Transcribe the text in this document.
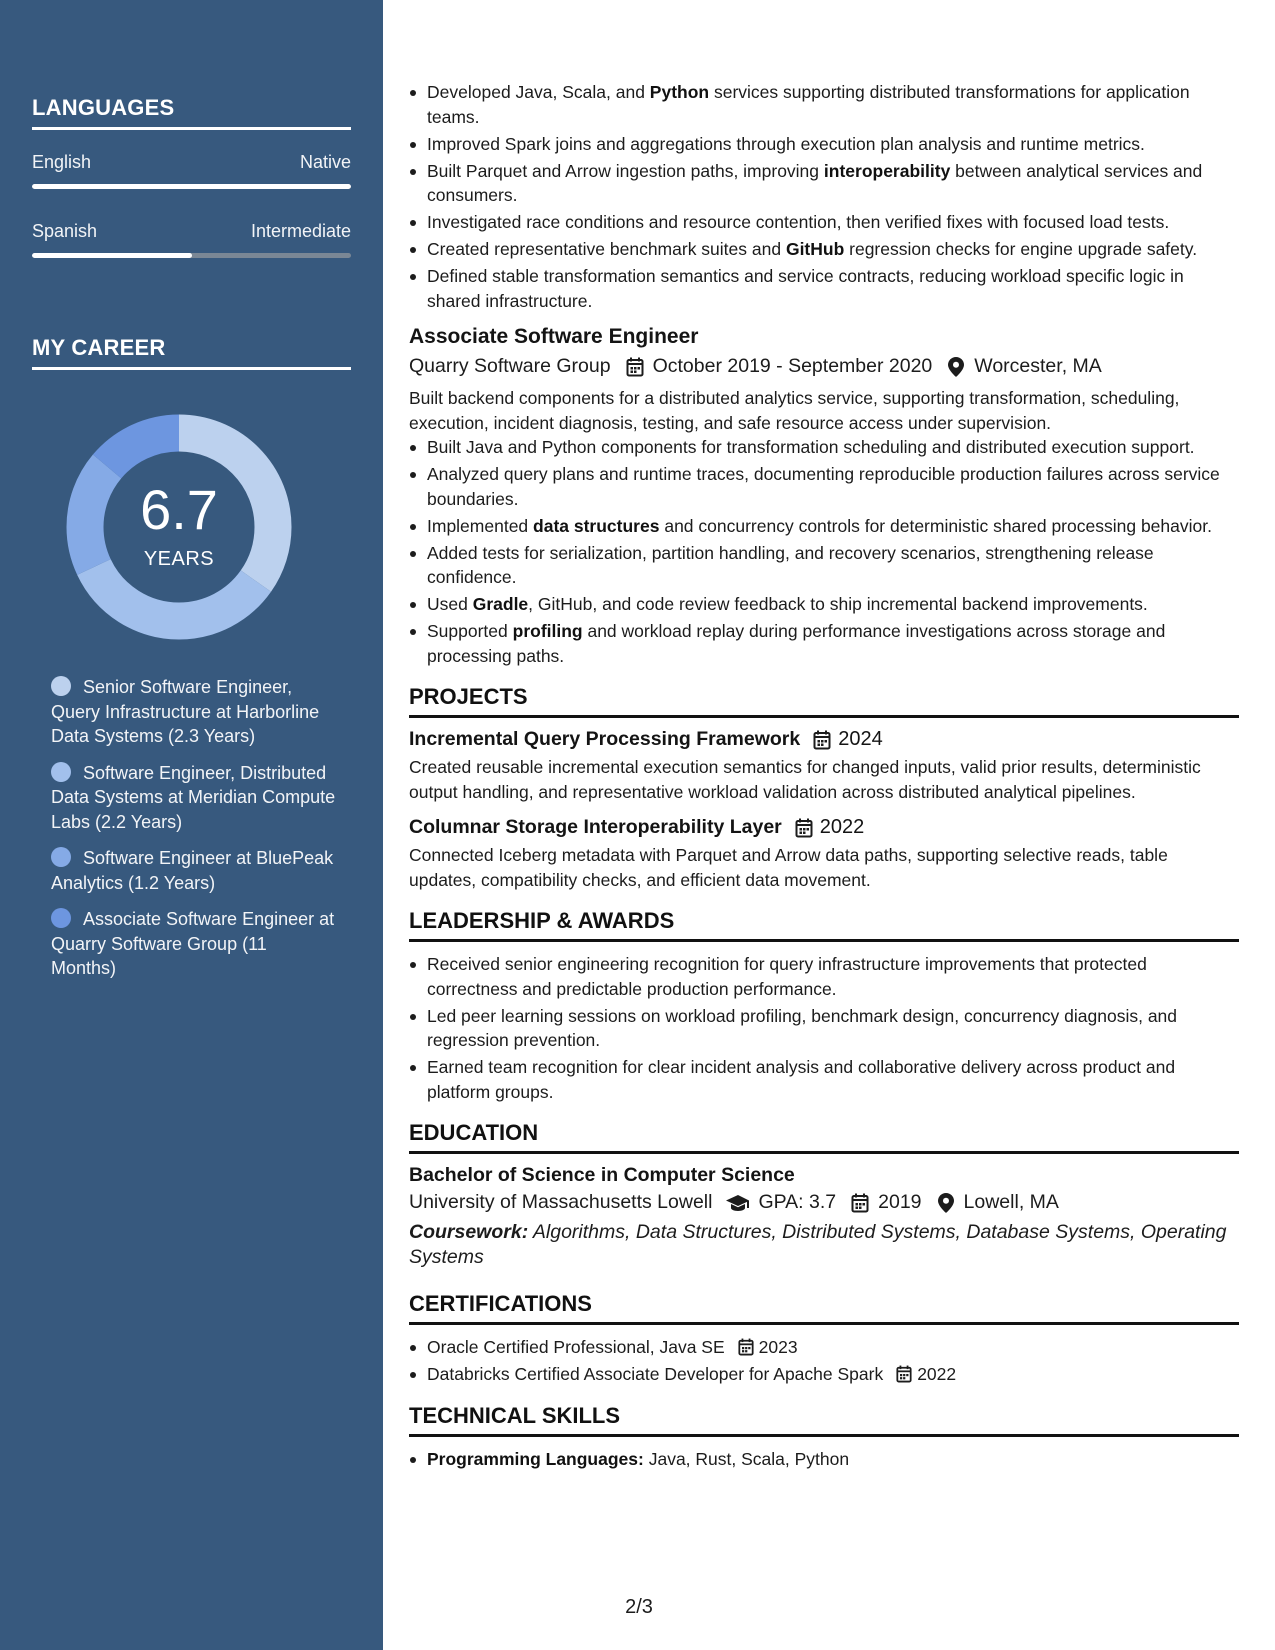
LANGUAGES
English	Native
Spanish	Intermediate
MY CAREER
6.7
YEARS
Senior Software Engineer, Query Infrastructure at Harborline Data Systems (2.3 Years)
Software Engineer, Distributed Data Systems at Meridian Compute Labs (2.2 Years)
Software Engineer at BluePeak Analytics (1.2 Years)
Associate Software Engineer at Quarry Software Group (11 Months)
Developed Java, Scala, and Python services supporting distributed transformations for application teams.
Improved Spark joins and aggregations through execution plan analysis and runtime metrics.
Built Parquet and Arrow ingestion paths, improving interoperability between analytical services and consumers.
Investigated race conditions and resource contention, then verified fixes with focused load tests.
Created representative benchmark suites and GitHub regression checks for engine upgrade safety.
Defined stable transformation semantics and service contracts, reducing workload specific logic in shared infrastructure.
Associate Software Engineer
Quarry Software Group October 2019 - September 2020 Worcester, MA
Built backend components for a distributed analytics service, supporting transformation, scheduling, execution, incident diagnosis, testing, and safe resource access under supervision.
Built Java and Python components for transformation scheduling and distributed execution support.
Analyzed query plans and runtime traces, documenting reproducible production failures across service boundaries.
Implemented data structures and concurrency controls for deterministic shared processing behavior.
Added tests for serialization, partition handling, and recovery scenarios, strengthening release confidence.
Used Gradle, GitHub, and code review feedback to ship incremental backend improvements.
Supported profiling and workload replay during performance investigations across storage and processing paths.
PROJECTS
Incremental Query Processing Framework 2024
Created reusable incremental execution semantics for changed inputs, valid prior results, deterministic output handling, and representative workload validation across distributed analytical pipelines.
Columnar Storage Interoperability Layer 2022
Connected Iceberg metadata with Parquet and Arrow data paths, supporting selective reads, table updates, compatibility checks, and efficient data movement.
LEADERSHIP & AWARDS
Received senior engineering recognition for query infrastructure improvements that protected correctness and predictable production performance.
Led peer learning sessions on workload profiling, benchmark design, concurrency diagnosis, and regression prevention.
Earned team recognition for clear incident analysis and collaborative delivery across product and platform groups.
EDUCATION
Bachelor of Science in Computer Science
University of Massachusetts Lowell GPA: 3.7 2019 Lowell, MA
Coursework: Algorithms, Data Structures, Distributed Systems, Database Systems, Operating Systems
CERTIFICATIONS
Oracle Certified Professional, Java SE 2023
Databricks Certified Associate Developer for Apache Spark 2022
TECHNICAL SKILLS
Programming Languages: Java, Rust, Scala, Python
2/3
